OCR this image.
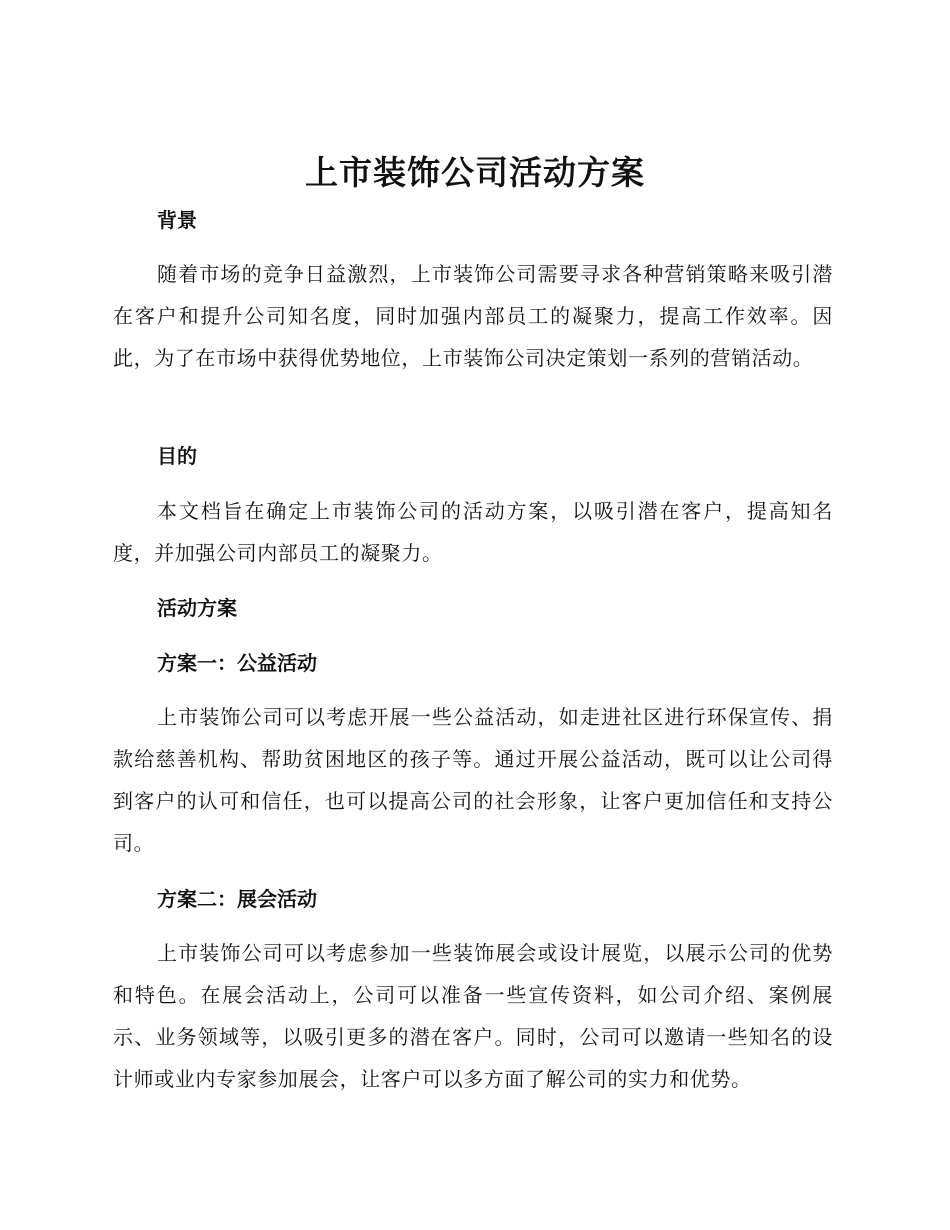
上市装饰公司活动方案
背景
随着市场的竞争日益激烈，上市装饰公司需要寻求各种营销策略来吸引潜在客户和提升公司知名度，同时加强内部员工的凝聚力，提高工作效率。因此，为了在市场中获得优势地位，上市装饰公司决定策划一系列的营销活动。
目的
本文档旨在确定上市装饰公司的活动方案，以吸引潜在客户，提高知名度，并加强公司内部员工的凝聚力。
活动方案
方案一：公益活动
上市装饰公司可以考虑开展一些公益活动，如走进社区进行环保宣传、捐款给慈善机构、帮助贫困地区的孩子等。通过开展公益活动，既可以让公司得到客户的认可和信任，也可以提高公司的社会形象，让客户更加信任和支持公司。
方案二：展会活动
上市装饰公司可以考虑参加一些装饰展会或设计展览，以展示公司的优势和特色。在展会活动上，公司可以准备一些宣传资料，如公司介绍、案例展示、业务领域等，以吸引更多的潜在客户。同时，公司可以邀请一些知名的设计师或业内专家参加展会，让客户可以多方面了解公司的实力和优势。
